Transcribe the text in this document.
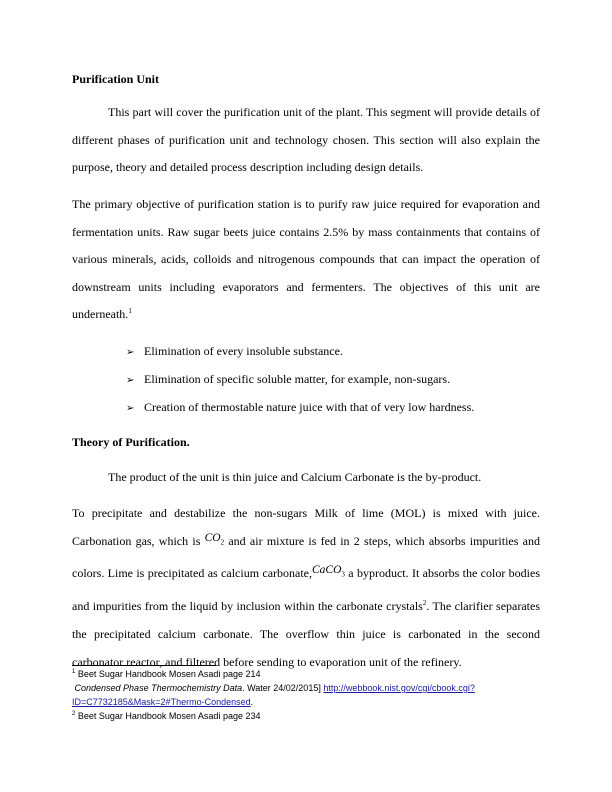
Purification Unit
This part will cover the purification unit of the plant. This segment will provide details of different phases of purification unit and technology chosen. This section will also explain the purpose, theory and detailed process description including design details.
The primary objective of purification station is to purify raw juice required for evaporation and fermentation units. Raw sugar beets juice contains 2.5% by mass containments that contains of various minerals, acids, colloids and nitrogenous compounds that can impact the operation of downstream units including evaporators and fermenters. The objectives of this unit are underneath.$^1$
➢ Elimination of every insoluble substance.
➢ Elimination of specific soluble matter, for example, non-sugars.
➢ Creation of thermostable nature juice with that of very low hardness.
Theory of Purification.
The product of the unit is thin juice and Calcium Carbonate is the by-product.
To precipitate and destabilize the non-sugars Milk of lime (MOL) is mixed with juice. Carbonation gas, which is $CO_2$ and air mixture is fed in 2 steps, which absorbs impurities and colors. Lime is precipitated as calcium carbonate,CaCO$_3$ a byproduct. It absorbs the color bodies and impurities from the liquid by inclusion within the carbonate crystals$^2$. The clarifier separates the precipitated calcium carbonate. The overflow thin juice is carbonated in the second carbonator reactor, and filtered before sending to evaporation unit of the refinery.
$^1$ Beet Sugar Handbook Mosen Asadi page 214
Condensed Phase Thermochemistry Data. Water 24/02/2015] http://webbook.nist.gov/cgi/cbook.cgi?ID=C7732185&Mask=2#Thermo-Condensed.
$^2$ Beet Sugar Handbook Mosen Asadi page 234
